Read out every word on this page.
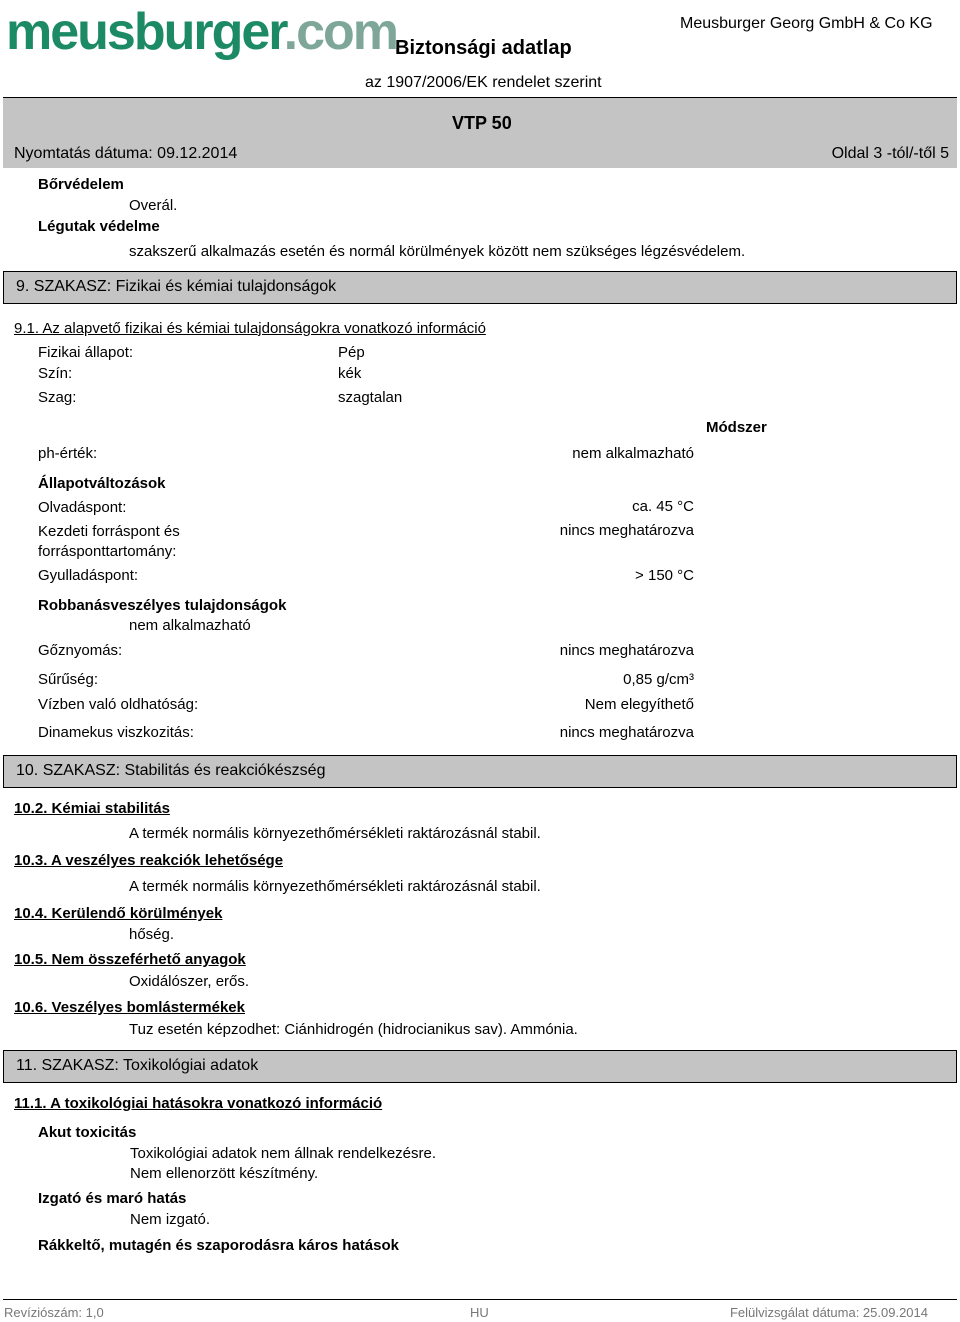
meusburger.com
Biztonsági adatlap
Meusburger Georg GmbH & Co KG
az 1907/2006/EK rendelet szerint
VTP 50
Nyomtatás dátuma: 09.12.2014	Oldal 3 -tól/-től 5
Bőrvédelem
Overál.
Légutak védelme
szakszerű alkalmazás esetén és normál körülmények között nem szükséges légzésvédelem.
9. SZAKASZ: Fizikai és kémiai tulajdonságok
9.1. Az alapvető fizikai és kémiai tulajdonságokra vonatkozó információ
Fizikai állapot:	Pép
Szín:	kék
Szag:	szagtalan
Módszer
ph-érték:	nem alkalmazható
Állapotváltozások
Olvadáspont:	ca. 45 °C
Kezdeti forráspont és
forrásponttartomány:
nincs meghatározva
Gyulladáspont:	> 150 °C
Robbanásveszélyes tulajdonságok
nem alkalmazható
Gőznyomás:	nincs meghatározva
Sűrűség:	0,85 g/cm³
Vízben való oldhatóság:	Nem elegyíthető
Dinamekus viszkozitás:	nincs meghatározva
10. SZAKASZ: Stabilitás és reakciókészség
10.2. Kémiai stabilitás
A termék normális környezethőmérsékleti raktározásnál stabil.
10.3. A veszélyes reakciók lehetősége
A termék normális környezethőmérsékleti raktározásnál stabil.
10.4. Kerülendő körülmények
hőség.
10.5. Nem összeférhető anyagok
Oxidálószer, erős.
10.6. Veszélyes bomlástermékek
Tuz esetén képzodhet: Ciánhidrogén (hidrocianikus sav). Ammónia.
11. SZAKASZ: Toxikológiai adatok
11.1. A toxikológiai hatásokra vonatkozó információ
Akut toxicitás
Toxikológiai adatok nem állnak rendelkezésre.
Nem ellenorzött készítmény.
Izgató és maró hatás
Nem izgató.
Rákkeltő, mutagén és szaporodásra káros hatások
Revíziószám: 1,0	HU	Felülvizsgálat dátuma: 25.09.2014
